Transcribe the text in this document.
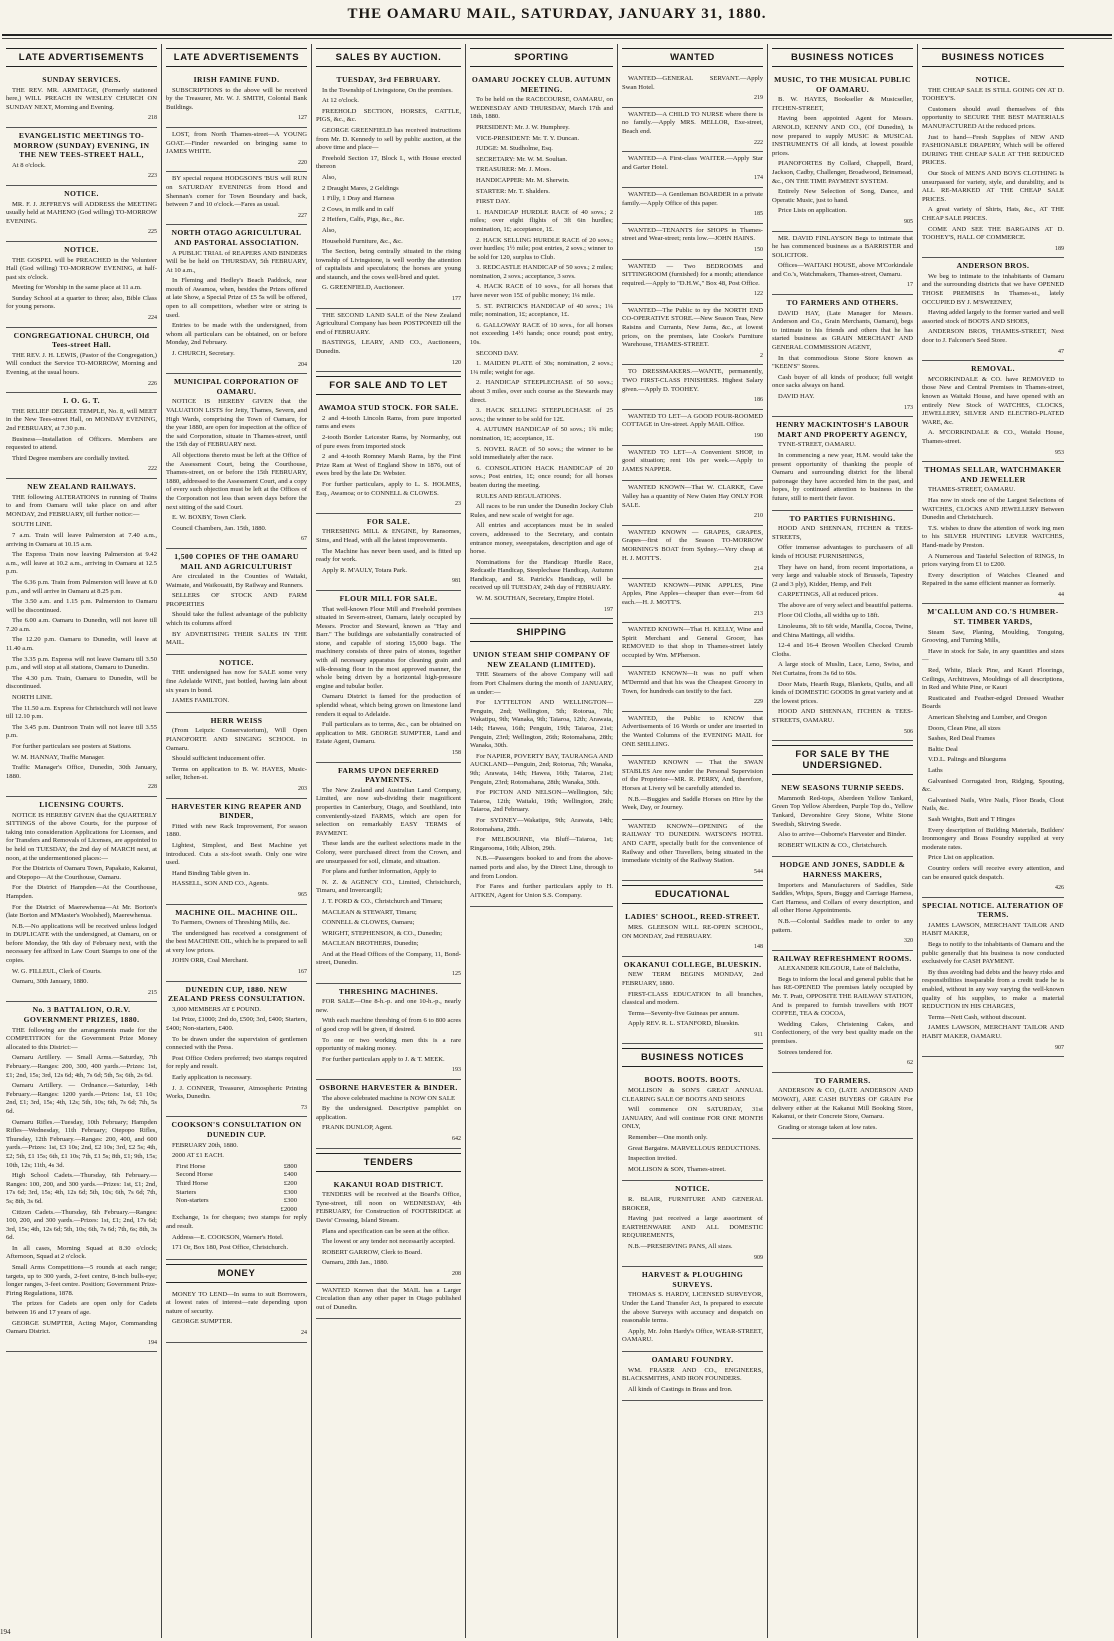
THE OAMARU MAIL, SATURDAY, JANUARY 31, 1880.
LATE ADVERTISEMENTS
SUNDAY SERVICES.

THE REV. MR. ARMITAGE, (Formerly stationed here,) WILL PREACH IN WESLEY CHURCH ON SUNDAY NEXT, Morning and Evening.

218
EVANGELISTIC MEETINGS TO-MORROW (SUNDAY) EVENING, IN THE NEW TEES-STREET HALL,

At 8 o'clock.

223
NOTICE.

MR. F. J. JEFFREYS will ADDRESS the MEETING usually held at MAHENO (God willing) TO-MORROW EVENING.

225
NOTICE.

THE GOSPEL will be PREACHED in the Volunteer Hall (God willing) TO-MORROW EVENING, at half-past six o'clock.

Meeting for Worship in the same place at 11 a.m.

Sunday School at a quarter to three; also, Bible Class for young persons.

224
CONGREGATIONAL CHURCH, Old Tees-street Hall.

THE REV. J. H. LEWIS, (Pastor of the Congregation,) Will conduct the Service TO-MORROW, Morning and Evening, at the usual hours.

226
I. O. G. T.

THE RELIEF DEGREE TEMPLE, No. 8, will MEET in the New Tees-street Hall, on MONDAY EVENING, 2nd FEBRUARY, at 7.30 p.m.

Business—Installation of Officers. Members are requested to attend.

Third Degree members are cordially invited.

222
NEW ZEALAND RAILWAYS.

THE following ALTERATIONS in running of Trains to and from Oamaru will take place on and after MONDAY, 2nd FEBRUARY, till further notice:—

SOUTH LINE.

7 a.m. Train will leave Palmerston at 7.40 a.m., arriving in Oamaru at 10.15 a.m.

The Express Train now leaving Palmerston at 9.42 a.m., will leave at 10.2 a.m., arriving in Oamaru at 12.5 p.m.

The 6.36 p.m. Train from Palmerston will leave at 6.0 p.m., and will arrive in Oamaru at 8.25 p.m.

The 3.50 a.m. and 1.15 p.m. Palmerston to Oamaru will be discontinued.

The 6.00 a.m. Oamaru to Dunedin, will not leave till 7.20 a.m.

The 12.20 p.m. Oamaru to Dunedin, will leave at 11.40 a.m.

The 3.35 p.m. Express will not leave Oamaru till 3.50 p.m., and will stop at all stations, Oamaru to Dunedin.

The 4.30 p.m. Train, Oamaru to Dunedin, will be discontinued.

NORTH LINE.

The 11.50 a.m. Express for Christchurch will not leave till 12.10 p.m.

The 3.45 p.m. Duntroon Train will not leave till 3.55 p.m.

For further particulars see posters at Stations.

W. M. HANNAY, Traffic Manager.

Traffic Manager's Office, Dunedin, 30th January, 1880.

228
LICENSING COURTS.

NOTICE IS HEREBY GIVEN that the QUARTERLY SITTINGS of the above Courts, for the purpose of taking into consideration Applications for Licenses, and for Transfers and Removals of Licenses, are appointed to be held on TUESDAY, the 2nd day of MARCH next, at noon, at the undermentioned places:—

For the Districts of Oamaru Town, Papakaio, Kakanui, and Otepopo—At the Courthouse, Oamaru.

For the District of Hampden—At the Courthouse, Hampden.

For the District of Maerewhenua—At Mr. Borton's (late Borton and M'Master's Woolshed), Maerewhenua.

N.B.—No applications will be received unless lodged in DUPLICATE with the undersigned, at Oamaru, on or before Monday, the 9th day of February next, with the necessary fee affixed in Law Court Stamps to one of the copies.

W. G. FILLEUL, Clerk of Courts.

Oamaru, 30th January, 1880.

215
No. 3 BATTALION, O.R.V. GOVERNMENT PRIZES, 1880.

THE following are the arrangements made for the COMPETITION for the Government Prize Money allocated to this District:—

Oamaru Artillery. — Small Arms.—Saturday, 7th February.—Ranges: 200, 300, 400 yards.—Prizes: 1st, £1; 2nd, 15s; 3rd, 12s 6d; 4th, 7s 6d; 5th, 5s; 6th, 2s 6d.

Oamaru Artillery. — Ordnance.—Saturday, 14th February.—Ranges: 1200 yards.—Prizes: 1st, £1 10s; 2nd, £1; 3rd, 15s; 4th, 12s; 5th, 10s; 6th, 7s 6d; 7th, 5s 6d.

Oamaru Rifles.—Tuesday, 10th February; Hampden Rifles—Wednesday, 11th February; Otepopo Rifles, Thursday, 12th February.—Ranges: 200, 400, and 600 yards.—Prizes: 1st, £3 10s; 2nd, £2 10s; 3rd, £2 5s; 4th, £2; 5th, £1 15s; 6th, £1 10s; 7th, £1 5s; 8th, £1; 9th, 15s; 10th, 12s; 11th, 4s 3d.

High School Cadets.—Thursday, 6th February.—Ranges: 100, 200, and 300 yards.—Prizes: 1st, £1; 2nd, 17s 6d; 3rd, 15s; 4th, 12s 6d; 5th, 10s; 6th, 7s 6d; 7th, 5s; 8th, 3s 6d.

Citizen Cadets.—Thursday, 6th February.—Ranges: 100, 200, and 300 yards.—Prizes: 1st, £1; 2nd, 17s 6d; 3rd, 15s; 4th, 12s 6d; 5th, 10s; 6th, 7s 6d; 7th, 6s; 8th, 3s 6d.

In all cases, Morning Squad at 8.30 o'clock; Afternoon, Squad at 2 o'clock.

Small Arms Competitions—5 rounds at each range; targets, up to 300 yards, 2-feet centre, 8-inch bulls-eye; longer ranges, 3-feet centre. Position; Government Prize-Firing Regulations, 1878.

The prizes for Cadets are open only for Cadets between 16 and 17 years of age.

GEORGE SUMPTER, Acting Major, Commanding Oamaru District.

194
LATE ADVERTISEMENTS
IRISH FAMINE FUND.

SUBSCRIPTIONS to the above will be received by the Treasurer, Mr. W. J. SMITH, Colonial Bank Buildings.

127

LOST, from North Thames-street—A YOUNG GOAT.—Finder rewarded on bringing same to JAMES WHITE.

220

BY special request HODGSON'S 'BUS will RUN on SATURDAY EVENINGS from Hood and Shennan's corner for Town Boundary and back, between 7 and 10 o'clock.—Fares as usual.

227
NORTH OTAGO AGRICULTURAL AND PASTORAL ASSOCIATION.

A PUBLIC TRIAL of REAPERS AND BINDERS Will be be held on THURSDAY, 5th FEBRUARY, At 10 a.m.,

In Fleming and Hedley's Beach Paddock, near mouth of Awamoa, when, besides the Prizes offered at late Show, a Special Prize of £5 5s will be offered, open to all competitors, whether wire or string is used.

Entries to be made with the undersigned, from whom all particulars can be obtained, on or before Monday, 2nd February.

J. CHURCH, Secretary.

204
MUNICIPAL CORPORATION OF OAMARU.

NOTICE IS HEREBY GIVEN that the VALUATION LISTS for Jetty, Thames, Severn, and High Wards, comprising the Town of Oamaru, for the year 1880, are open for inspection at the office of the said Corporation, situate in Thames-street, until the 15th day of FEBRUARY next.

All objections thereto must be left at the Office of the Assessment Court, being the Courthouse, Thames-street, on or before the 15th FEBRUARY, 1880, addressed to the Assessment Court, and a copy of every such objection must be left at the Offices of the Corporation not less than seven days before the next sitting of the said Court.

E. W. BOXBY, Town Clerk.

Council Chambers, Jan. 15th, 1880.

67
1,500 COPIES OF THE OAMARU MAIL AND AGRICULTURIST

Are circulated in the Counties of Waitaki, Waimate, and Waikouaiti, By Railway and Runners.

SELLERS OF STOCK AND FARM PROPERTIES

Should take the fullest advantage of the publicity which its columns afford

BY ADVERTISING THEIR SALES IN THE MAIL.

NOTICE.

THE undersigned has now for SALE some very fine Adelaide WINE, just bottled, having lain about six years in bond.

JAMES FAMILTON.

HERR WEISS

(From Leipzic Conservatorium), Will Open PIANOFORTE AND SINGING SCHOOL in Oamaru.

Should sufficient inducement offer.

Terms on application to B. W. HAYES, Music-seller, Itchen-st.

203
HARVESTER KING REAPER AND BINDER,

Fitted with new Rack Improvement, For season 1880.

Lightest, Simplest, and Best Machine yet introduced. Cuts a six-foot swath. Only one wire used.

Hand Binding Table given in.

HASSELL, SON AND CO., Agents.

965
MACHINE OIL. MACHINE OIL.

To Farmers, Owners of Threshing Mills, &c.

The undersigned has received a consignment of the best MACHINE OIL, which he is prepared to sell at very low prices.

JOHN ORR, Coal Merchant.

167
DUNEDIN CUP, 1880. NEW ZEALAND PRESS CONSULTATION.

3,000 MEMBERS AT £ POUND.

1st Prize, £1000; 2nd do, £500; 3rd, £400; Starters, £400; Non-starters, £400.

To be drawn under the supervision of gentlemen connected with the Press.

Post Office Orders preferred; two stamps required for reply and result.

Early application is necessary.

J. J. CONNER, Treasurer, Atmospheric Printing Works, Dunedin.

73
COOKSON'S CONSULTATION ON DUNEDIN CUP.

FEBRUARY 20th, 1880.

2000 AT £1 EACH.

First Horse	£800
Second Horse	£400
Third Horse	£200
Starters	£300
Non-starters	£300
£2000

Exchange, 1s for cheques; two stamps for reply and result.

Address—E. COOKSON, Warner's Hotel.

171 Or, Box 180, Post Office, Christchurch.

MONEY

MONEY TO LEND—In sums to suit Borrowers, at lowest rates of interest—rate depending upon nature of security.

GEORGE SUMPTER.

24
SALES BY AUCTION.
TUESDAY, 3rd FEBRUARY.

In the Township of Livingstone, On the premises.

At 12 o'clock.

FREEHOLD SECTION, HORSES, CATTLE, PIGS, &c., &c.

GEORGE GREENFIELD has received instructions from Mr. D. Kennedy to sell by public auction, at the above time and place—

Freehold Section 17, Block I., with House erected thereon

Also,

2 Draught Mares, 2 Geldings

1 Filly, 1 Dray and Harness

2 Cows, in milk and in calf

2 Heifers, Calfs, Pigs, &c., &c.

Also,

Household Furniture, &c., &c.

The Section, being centrally situated in the rising township of Livingstone, is well worthy the attention of capitalists and speculators; the horses are young and staunch, and the cows well-bred and quiet.

G. GREENFIELD, Auctioneer.

177

THE SECOND LAND SALE of the New Zealand Agricultural Company has been POSTPONED till the end of FEBRUARY.

BASTINGS, LEARY, AND CO., Auctioneers, Dunedin.

120
FOR SALE AND TO LET
AWAMOA STUD STOCK. FOR SALE.

2 and 4-tooth Lincoln Rams, from pure imported rams and ewes

2-tooth Border Leicester Rams, by Normanby, out of pure ewes from imported stock

2 and 4-tooth Romney Marsh Rams, by the First Prize Ram at West of England Show in 1876, out of ewes bred by the late Dr. Webster.

For further particulars, apply to L. S. HOLMES, Esq., Awamoa; or to CONNELL & CLOWES.

23
FOR SALE.

THRESHING MILL & ENGINE, by Ransomes, Sims, and Head, with all the latest improvements.

The Machine has never been used, and is fitted up ready for work.

Apply R. M'AULY, Totara Park.

981
FLOUR MILL FOR SALE.

That well-known Flour Mill and Freehold premises situated in Severn-street, Oamaru, lately occupied by Messrs. Proctor and Steward, known as "Hay and Barr." The buildings are substantially constructed of stone, and capable of storing 15,000 bags. The machinery consists of three pairs of stones, together with all necessary apparatus for cleaning grain and silk-dressing flour in the most approved manner, the whole being driven by a horizontal high-pressure engine and tubular boiler.

Oamaru District is famed for the production of splendid wheat, which being grown on limestone land renders it equal to Adelaide.

Full particulars as to terms, &c., can be obtained on application to MR. GEORGE SUMPTER, Land and Estate Agent, Oamaru.

158
FARMS UPON DEFERRED PAYMENTS.

The New Zealand and Australian Land Company, Limited, are now sub-dividing their magnificent properties in Canterbury, Otago, and Southland, into conveniently-sized FARMS, which are open for selection on remarkably EASY TERMS of PAYMENT.

These lands are the earliest selections made in the Colony, were purchased direct from the Crown, and are unsurpassed for soil, climate, and situation.

For plans and further information, Apply to

N. Z. & AGENCY CO., Limited, Christchurch, Timaru, and Invercargill;

J. T. FORD & CO., Christchurch and Timaru;

MACLEAN & STEWART, Timaru;

CONNELL & CLOWES, Oamaru;

WRIGHT, STEPHENSON, & CO., Dunedin;

MACLEAN BROTHERS, Dunedin;

And at the Head Offices of the Company, 11, Bond-street, Dunedin.

125
THRESHING MACHINES.

FOR SALE—One 8-h.-p. and one 10-h.-p., nearly new.

With each machine threshing of from 6 to 800 acres of good crop will be given, if desired.

To one or two working men this is a rare opportunity of making money.

For further particulars apply to J. & T. MEEK.

193
OSBORNE HARVESTER & BINDER.

The above celebrated machine is NOW ON SALE

By the undersigned. Descriptive pamphlet on application.

FRANK DUNLOP, Agent.

642
TENDERS
KAKANUI ROAD DISTRICT.

TENDERS will be received at the Board's Office, Tyne-street, till noon on WEDNESDAY, 4th FEBRUARY, for Construction of FOOTBRIDGE at Davis' Crossing, Island Stream.

Plans and specification can be seen at the office.

The lowest or any tender not necessarily accepted.

ROBERT GARROW, Clerk to Board.

Oamaru, 28th Jan., 1880.

208

WANTED Known that the MAIL has a Larger Circulation than any other paper in Otago published out of Dunedin.

SPORTING
OAMARU JOCKEY CLUB. AUTUMN MEETING.

To be held on the RACECOURSE, OAMARU, on WEDNESDAY AND THURSDAY, March 17th and 18th, 1880.

PRESIDENT: Mr. J. W. Humphrey.

VICE-PRESIDENT: Mr. T. Y. Duncan.

JUDGE: M. Studholme, Esq.

SECRETARY: Mr. W. M. Soultan.

TREASURER: Mr. J. Moes.

HANDICAPPER: Mr. M. Sherwin.

STARTER: Mr. T. Shalders.

FIRST DAY.

1. HANDICAP HURDLE RACE of 40 sovs.; 2 miles; over eight flights of 3ft 6in hurdles; nomination, 1£; acceptance, 1£.

2. HACK SELLING HURDLE RACE of 20 sovs.; over hurdles; 1½ mile; post entries, 2 sovs.; winner to be sold for 120, surplus to Club.

3. REDCASTLE HANDICAP of 50 sovs.; 2 miles; nomination, 2 sovs.; acceptance, 3 sovs.

4. HACK RACE of 10 sovs., for all horses that have never won 15£ of public money; 1¼ mile.

5. ST. PATRICK'S HANDICAP of 40 sovs.; 1¼ mile; nomination, 1£; acceptance, 1£.

6. GALLOWAY RACE of 10 sovs., for all horses not exceeding 14½ hands; once round; post entry, 10s.

SECOND DAY.

1. MAIDEN PLATE of 30s; nomination, 2 sovs.; 1¼ mile; weight for age.

2. HANDICAP STEEPLECHASE of 50 sovs.; about 3 miles, over such course as the Stewards may direct.

3. HACK SELLING STEEPLECHASE of 25 sovs.; the winner to be sold for 12£.

4. AUTUMN HANDICAP of 50 sovs.; 1¾ mile; nomination, 1£; acceptance, 1£.

5. NOVEL RACE of 50 sovs.; the winner to be sold immediately after the race.

6. CONSOLATION HACK HANDICAP of 20 sovs.; Post entries, 1£; once round; for all horses beaten during the meeting.

RULES AND REGULATIONS.

All races to be run under the Dunedin Jockey Club Rules, and new scale of weight for age.

All entries and acceptances must be in sealed covers, addressed to the Secretary, and contain entrance money, sweepstakes, description and age of horse.

Nominations for the Handicap Hurdle Race, Redcastle Handicap, Steeplechase Handicap, Autumn Handicap, and St. Patrick's Handicap, will be received up till TUESDAY, 24th day of FEBRUARY.

W. M. SOUTHAN, Secretary, Empire Hotel.

197
SHIPPING
UNION STEAM SHIP COMPANY OF NEW ZEALAND (LIMITED).

THE Steamers of the above Company will sail from Port Chalmers during the month of JANUARY, as under:—

For LYTTELTON AND WELLINGTON—Penguin, 2nd; Wellington, 5th; Rotorua, 7th; Wakatipu, 9th; Wanaka, 9th; Taiaroa, 12th; Arawata, 14th; Hawea, 16th; Penguin, 19th; Taiaroa, 21st; Penguin, 23rd; Wellington, 26th; Rotomahana, 28th; Wanaka, 30th.

For NAPIER, POVERTY BAY, TAURANGA AND AUCKLAND—Penguin, 2nd; Rotorua, 7th; Wanaka, 9th; Arawata, 14th; Hawea, 16th; Taiaroa, 21st; Penguin, 23rd; Rotomahana, 28th; Wanaka, 30th.

For PICTON AND NELSON—Wellington, 5th; Taiaroa, 12th; Waitaki, 19th; Wellington, 26th; Taiaroa, 2nd February.

For SYDNEY—Wakatipu, 9th; Arawata, 14th; Rotomahana, 28th.

For MELBOURNE, via Bluff—Taiaroa, 1st; Ringarooma, 16th; Albion, 29th.

N.B.—Passengers booked to and from the above-named ports and also, by the Direct Line, through to and from London.

For Fares and further particulars apply to H. AITKEN, Agent for Union S.S. Company.

WANTED

WANTED—GENERAL SERVANT.—Apply Swan Hotel.

219

WANTED—A CHILD TO NURSE where there is no family.—Apply MRS. MELLOR, Exe-street, Beach end.

222

WANTED—A First-class WAITER.—Apply Star and Garter Hotel.

174

WANTED—A Gentleman BOARDER in a private family.—Apply Office of this paper.

185

WANTED—TENANTS for SHOPS in Thames-street and Wear-street; rents low.—JOHN HAINS.

150

WANTED — Two BEDROOMS and SITTINGROOM (furnished) for a month; attendance required.—Apply to "D.H.W.," Box 48, Post Office.

122

WANTED—The Public to try the NORTH END CO-OPERATIVE STORE.—New Season Teas, New Raisins and Currants, New Jams, &c., at lowest prices, on the premises, late Cooke's Furniture Warehouse, THAMES-STREET.

2

TO DRESSMAKERS.—WANTE, permanently, TWO FIRST-CLASS FINISHERS. Highest Salary given.—Apply D. TOOHEY.

186

WANTED TO LET—A GOOD FOUR-ROOMED COTTAGE in Ure-street. Apply MAIL Office.

190

WANTED TO LET—A Convenient SHOP, in good situation; rent 10s per week.—Apply to JAMES NAPPER.

WANTED KNOWN—That W. CLARKE, Cave Valley has a quantity of New Oaten Hay ONLY FOR SALE.

210

WANTED KNOWN — GRAPES, GRAPES, Grapes—first of the Season TO-MORROW MORNING'S BOAT from Sydney.—Very cheap at H. J. MOTT'S.

214

WANTED KNOWN—PINK APPLES, Pine Apples, Pine Apples—cheaper than ever—from 6d each.—H. J. MOTT'S.

213

WANTED KNOWN—That H. KELLY, Wine and Spirit Merchant and General Grocer, has REMOVED to that shop in Thames-street lately occupied by Wm. M'Pherson.

WANTED KNOWN—It was no puff when M'Dermid and that his was the Cheapest Grocery in Town, for hundreds can testify to the fact.

229

WANTED, the Public to KNOW that Advertisements of 16 Words or under are inserted in the Wanted Columns of the EVENING MAIL for ONE SHILLING.

WANTED KNOWN — That the SWAN STABLES Are now under the Personal Supervision of the Proprietor—MR. R. PERRY, And, therefore, Horses at Livery wil be carefully attended to.

N.B.—Buggies and Saddle Horses on Hire by the Week, Day, or Journey.

WANTED KNOWN—OPENING of the RAILWAY TO DUNEDIN. WATSON'S HOTEL AND CAFE, specially built for the convenience of Railway and other Travellers, being situated in the immediate vicinity of the Railway Station.

544
EDUCATIONAL
LADIES' SCHOOL, REED-STREET.

MRS. GLEESON WILL RE-OPEN SCHOOL, ON MONDAY, 2nd FEBRUARY.

148
OKAKANUI COLLEGE, BLUESKIN.

NEW TERM BEGINS MONDAY, 2nd FEBRUARY, 1880.

FIRST-CLASS EDUCATION In all branches, classical and modern.

Terms—Seventy-five Guineas per annum.

Apply REV. R. L. STANFORD, Blueskin.

911
BUSINESS NOTICES
BOOTS. BOOTS. BOOTS.

MOLLISON & SON'S GREAT ANNUAL CLEARING SALE OF BOOTS AND SHOES

Will commence ON SATURDAY, 31st JANUARY, And will continue FOR ONE MONTH ONLY,

Remember—One month only.

Great Bargains. MARVELLOUS REDUCTIONS.

Inspection invited.

MOLLISON & SON, Thames-street.

NOTICE.

R. BLAIR, FURNITURE AND GENERAL BROKER,

Having just received a large assortment of EARTHENWARE AND ALL DOMESTIC REQUIREMENTS,

N.B.—PRESERVING PANS, All sizes.

909
HARVEST & PLOUGHING SURVEYS.

THOMAS S. HARDY, LICENSED SURVEYOR, Under the Land Transfer Act, Is prepared to execute the above Surveys with accuracy and despatch on reasonable terms.

Apply, Mr. John Hardy's Office, WEAR-STREET, OAMARU.

OAMARU FOUNDRY.

WM. FRASER AND CO., ENGINEERS, BLACKSMITHS, AND IRON FOUNDERS.

All kinds of Castings in Brass and Iron.

BUSINESS NOTICES
MUSIC, TO THE MUSICAL PUBLIC OF OAMARU.

B. W. HAYES, Bookseller & Musicseller, ITCHEN-STREET,

Having been appointed Agent for Messrs. ARNOLD, KENNY AND CO., (Of Dunedin), Is now prepared to supply MUSIC & MUSICAL INSTRUMENTS Of all kinds, at lowest possible prices.

PIANOFORTES By Collard, Chappell, Brard, Jackson, Cadby, Challenger, Broadwood, Brinsmead, &c., ON THE TIME PAYMENT SYSTEM.

Entirely New Selection of Song, Dance, and Operatic Music, just to hand.

Price Lists on application.

905

MR. DAVID FINLAYSON Begs to intimate that he has commenced business as a BARRISTER and SOLICITOR.

Offices—WAITAKI HOUSE, above M'Corkindale and Co.'s, Watchmakers, Thames-street, Oamaru.

17
TO FARMERS AND OTHERS.

DAVID HAY, (Late Manager for Messrs. Anderson and Co., Grain Merchants, Oamaru), begs to intimate to his friends and others that he has started business as GRAIN MERCHANT AND GENERAL COMMISSION AGENT,

In that commodious Stone Store known as "KEEN'S" Stores.

Cash buyer of all kinds of produce; full weight once sacks always on hand.

DAVID HAY.

173
HENRY MACKINTOSH'S LABOUR MART AND PROPERTY AGENCY,

TYNE-STREET, OAMARU.

In commencing a new year, H.M. would take the present opportunity of thanking the people of Oamaru and surrounding district for the liberal patronage they have accorded him in the past, and hopes, by continued attention to business in the future, still to merit their favor.

TO PARTIES FURNISHING.

HOOD AND SHENNAN, ITCHEN & TEES-STREETS,

Offer immense advantages to purchasers of all kinds of HOUSE FURNISHINGS,

They have on hand, from recent importations, a very large and valuable stock of Brussels, Tapestry (2 and 3 ply), Kidder, Hemp, and Felt

CARPETINGS, All at reduced prices.

The above are of very select and beautiful patterns.

Floor Oil Cloths, all widths up to 18ft.

Linoleums, 3ft to 6ft wide, Manilla, Cocoa, Twine, and China Mattings, all widths.

12-4 and 16-4 Brown Woollen Checked Crumb Cloths.

A large stock of Muslin, Lace, Leno, Swiss, and Net Curtains, from 3s 6d to 60s.

Door Mats, Hearth Rugs, Blankets, Quilts, and all kinds of DOMESTIC GOODS In great variety and at the lowest prices.

HOOD AND SHENNAN, ITCHEN & TEES-STREETS, OAMARU.

506
FOR SALE BY THE UNDERSIGNED.
NEW SEASONS TURNIP SEEDS.

Mammoth Red-tops, Aberdeen Yellow Tankard, Green Top Yellow Aberdeen, Purple Top do., Yellow Tankard, Devonshire Grey Stone, White Stone Swedish, Skirving Swede.

Also to arrive—Osborne's Harvester and Binder.

ROBERT WILKIN & CO., Christchurch.

HODGE AND JONES, SADDLE & HARNESS MAKERS,

Importers and Manufacturers of Saddles, Side Saddles, Whips, Spurs, Buggy and Carriage Harness, Cart Harness, and Collars of every description, and all other Horse Appointments.

N.B.—Colonial Saddles made to order to any pattern.

320
RAILWAY REFRESHMENT ROOMS.

ALEXANDER KILGOUR, Late of Balclutha,

Begs to inform the local and general public that he has RE-OPENED The premises lately occupied by Mr. T. Pratt, OPPOSITE THE RAILWAY STATION, And is prepared to furnish travellers with HOT COFFEE, TEA & COCOA,

Wedding Cakes, Christening Cakes, and Confectionery, of the very best quality made on the premises.

Soirees tendered for.

62
TO FARMERS.

ANDERSON & CO, (LATE ANDERSON AND MOWAT), ARE CASH BUYERS OF GRAIN For delivery either at the Kakanui Mill Booking Store, Kakanui, or their Concrete Store, Oamaru.

Grading or storage taken at low rates.

BUSINESS NOTICES
NOTICE.

THE CHEAP SALE IS STILL GOING ON AT D. TOOHEY'S.

Customers should avail themselves of this opportunity to SECURE THE BEST MATERIALS MANUFACTURED At the reduced prices.

Just to hand—Fresh Supplies of NEW AND FASHIONABLE DRAPERY, Which will be offered DURING THE CHEAP SALE AT THE REDUCED PRICES.

Our Stock of MEN'S AND BOYS CLOTHING Is unsurpassed for variety, style, and durability, and is ALL RE-MARKED AT THE CHEAP SALE PRICES.

A great variety of Shirts, Hats, &c., AT THE CHEAP SALE PRICES.

COME AND SEE THE BARGAINS AT D. TOOHEY'S, HALL OF COMMERCE.

189
ANDERSON BROS.

We beg to intimate to the inhabitants of Oamaru and the surrounding districts that we have OPENED THOSE PREMISES In Thames-st., lately OCCUPIED BY J. M'SWEENEY,

Having added largely to the former varied and well assorted stock of BOOTS AND SHOES,

ANDERSON BROS, THAMES-STREET, Next door to J. Falconer's Seed Store.

47
REMOVAL.

M'CORKINDALE & CO. have REMOVED to those New and Central Premises in Thames-street, known as Waitaki House, and have opened with an entirely New Stock of WATCHES, CLOCKS, JEWELLERY, SILVER AND ELECTRO-PLATED WARE, &c.

A. M'CORKINDALE & CO., Waitaki House, Thames-street.

953
THOMAS SELLAR, WATCHMAKER AND JEWELLER

THAMES-STREET, OAMARU.

Has now in stock one of the Largest Selections of WATCHES, CLOCKS AND JEWELLERY Between Dunedin and Christchurch.

T.S. wishes to draw the attention of work ing men to his SILVER HUNTING LEVER WATCHES, Hand-made by Preston.

A Numerous and Tasteful Selection of RINGS, In prices varying from £1 to £200.

Every description of Watches Cleaned and Repaired in the same efficient manner as formerly.

44
M'CALLUM AND CO.'S HUMBER-ST. TIMBER YARDS,

Steam Saw, Planing, Moulding, Tonguing, Grooving, and Turning Mills,

Have in stock for Sale, in any quantities and sizes—

Red, White, Black Pine, and Kauri Floorings, Ceilings, Architraves, Mouldings of all descriptions, in Red and White Pine, or Kauri

Rusticated and Feather-edged Dressed Weather Boards

American Shelving and Lumber, and Oregon

Doors, Clean Pine, all sizes

Sashes, Red Deal Frames

Baltic Deal

V.D.L. Palings and Bluegums

Laths

Galvanised Corrugated Iron, Ridging, Spouting, &c.

Galvanised Nails, Wire Nails, Floor Brads, Clout Nails, &c.

Sash Weights, Butt and T Hinges

Every description of Building Materials, Builders' Ironmongery and Brass Foundry supplied at very moderate rates.

Price List on application.

Country orders will receive every attention, and can be ensured quick despatch.

426
SPECIAL NOTICE. ALTERATION OF TERMS.

JAMES LAWSON, MERCHANT TAILOR AND HABIT MAKER,

Begs to notify to the inhabitants of Oamaru and the public generally that his business is now conducted exclusively for CASH PAYMENT.

By thus avoiding bad debts and the heavy risks and responsibilities inseparable from a credit trade he is enabled, without in any way varying the well-known quality of his supplies, to make a material REDUCTION IN HIS CHARGES,

Terms—Nett Cash, without discount.

JAMES LAWSON, MERCHANT TAILOR AND HABIT MAKER, OAMARU.

907
194
